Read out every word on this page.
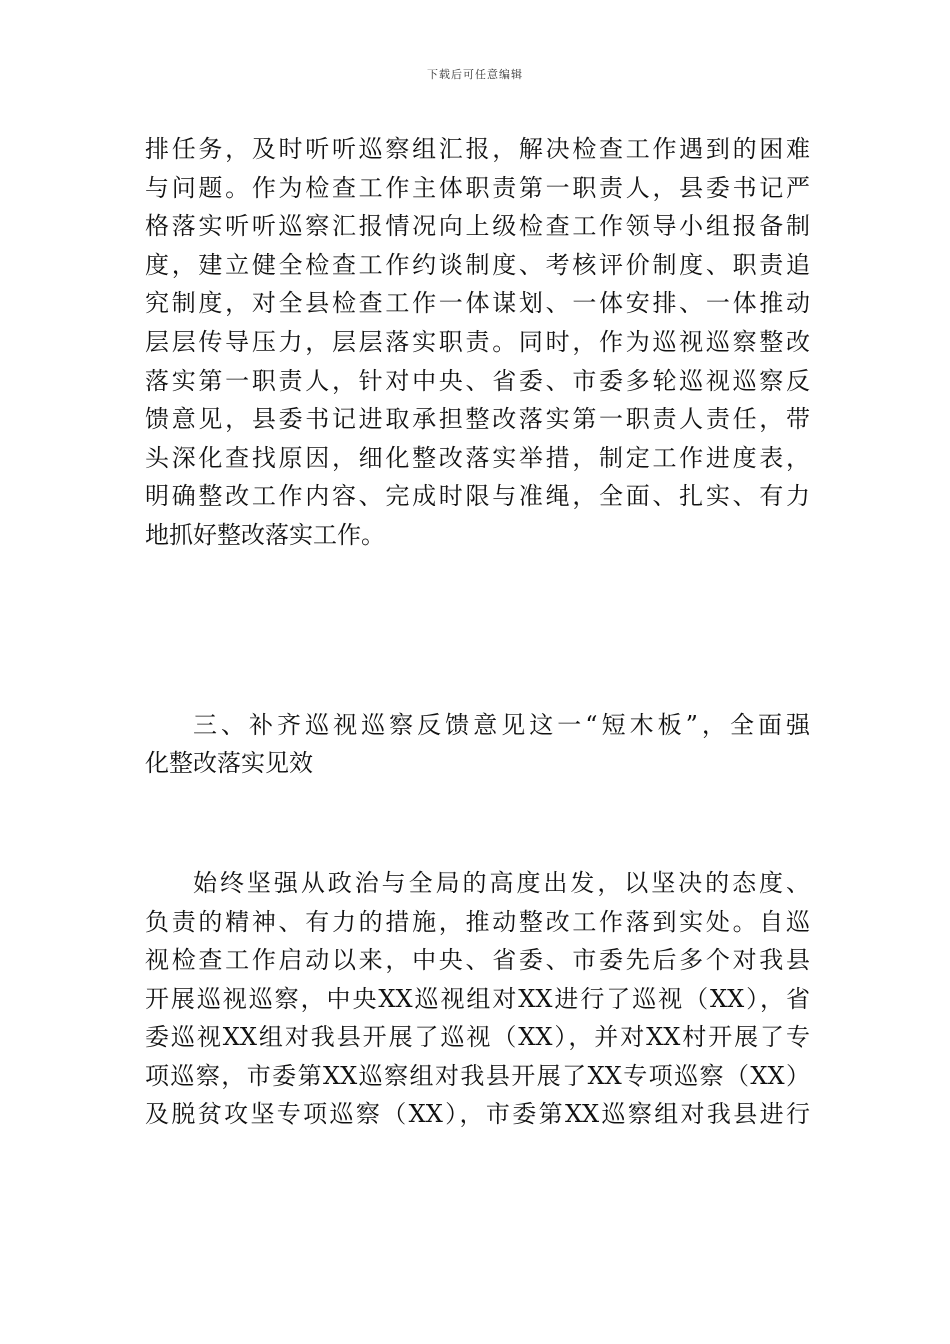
下载后可任意编辑
排任务，及时听听巡察组汇报，解决检查工作遇到的困难
与问题。作为检查工作主体职责第一职责人，县委书记严
格落实听听巡察汇报情况向上级检查工作领导小组报备制
度，建立健全检查工作约谈制度、考核评价制度、职责追
究制度，对全县检查工作一体谋划、一体安排、一体推动
层层传导压力，层层落实职责。同时，作为巡视巡察整改
落实第一职责人，针对中央、省委、市委多轮巡视巡察反
馈意见，县委书记进取承担整改落实第一职责人责任，带
头深化查找原因，细化整改落实举措，制定工作进度表，
明确整改工作内容、完成时限与准绳，全面、扎实、有力
地抓好整改落实工作。
三、补齐巡视巡察反馈意见这一“短木板”，全面强
化整改落实见效
始终坚强从政治与全局的高度出发，以坚决的态度、
负责的精神、有力的措施，推动整改工作落到实处。自巡
视检查工作启动以来，中央、省委、市委先后多个对我县
开展巡视巡察，中央XX巡视组对XX进行了巡视（XX），省
委巡视XX组对我县开展了巡视（XX），并对XX村开展了专
项巡察，市委第XX巡察组对我县开展了XX专项巡察（XX）
及脱贫攻坚专项巡察（XX），市委第XX巡察组对我县进行
